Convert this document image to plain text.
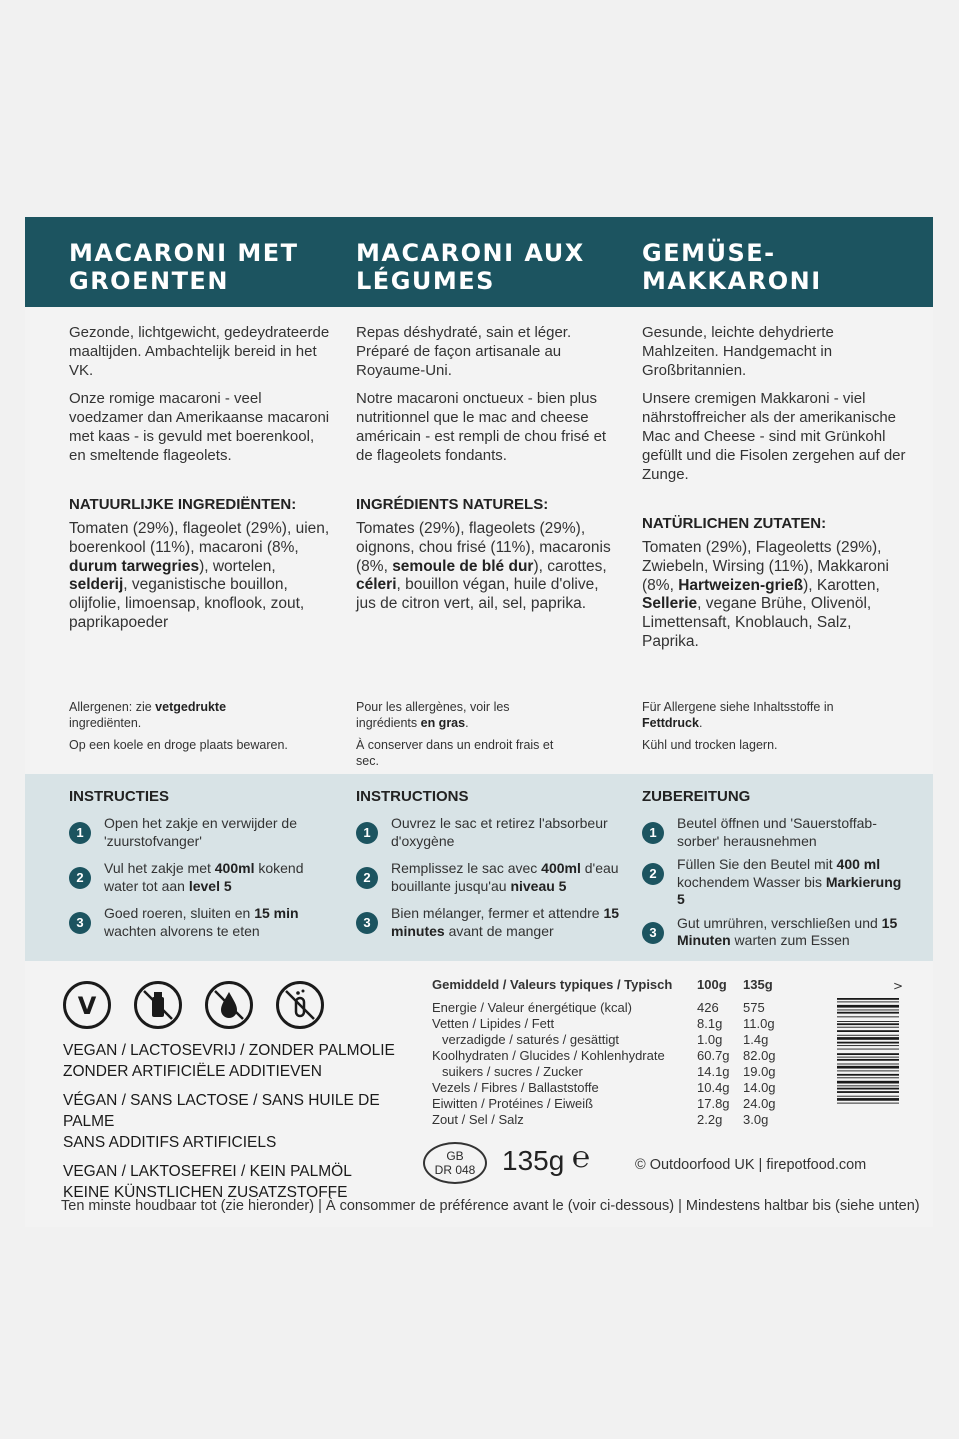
MACARONI MET GROENTEN
MACARONI AUX LÉGUMES
GEMÜSE- MAKKARONI

Gezonde, lichtgewicht, gedeydrateerde maaltijden. Ambachtelijk bereid in het VK.

Onze romige macaroni - veel voedzamer dan Amerikaanse macaroni met kaas - is gevuld met boerenkool, en smeltende flageolets.

NATUURLIJKE INGREDIËNTEN:
Tomaten (29%), flageolet (29%), uien, boerenkool (11%), macaroni (8%, durum tarwegries), wortelen, selderij, veganistische bouillon, olijfolie, limoensap, knoflook, zout, paprikapoeder

Repas déshydraté, sain et léger. Préparé de façon artisanale au Royaume-Uni.

Notre macaroni onctueux - bien plus nutritionnel que le mac and cheese américain - est rempli de chou frisé et de flageolets fondants.

INGRÉDIENTS NATURELS:
Tomates (29%), flageolets (29%), oignons, chou frisé (11%), macaronis (8%, semoule de blé dur), carottes, céleri, bouillon végan, huile d'olive, jus de citron vert, ail, sel, paprika.

Gesunde, leichte dehydrierte Mahlzeiten. Handgemacht in Großbritannien.

Unsere cremigen Makkaroni - viel nährstoffreicher als der amerikanische Mac and Cheese - sind mit Grünkohl gefüllt und die Fisolen zergehen auf der Zunge.

NATÜRLICHEN ZUTATEN:
Tomaten (29%), Flageoletts (29%), Zwiebeln, Wirsing (11%), Makkaroni (8%, Hartweizen-grieß), Karotten, Sellerie, vegane Brühe, Olivenöl, Limettensaft, Knoblauch, Salz, Paprika.

Allergenen: zie vetgedrukte ingrediënten.

Op een koele en droge plaats bewaren.

Pour les allergènes, voir les ingrédients en gras.

À conserver dans un endroit frais et sec.

Für Allergene siehe Inhaltsstoffe in Fettdruck.

Kühl und trocken lagern.

INSTRUCTIES
1
Open het zakje en verwijder de 'zuurstofvanger'
2
Vul het zakje met 400ml kokend water tot aan level 5
3
Goed roeren, sluiten en 15 min wachten alvorens te eten
INSTRUCTIONS
1
Ouvrez le sac et retirez l'absorbeur d'oxygène
2
Remplissez le sac avec 400ml d'eau bouillante jusqu'au niveau 5
3
Bien mélanger, fermer et attendre 15 minutes avant de manger
ZUBEREITUNG
1
Beutel öffnen und 'Sauerstoffab-sorber' herausnehmen
2
Füllen Sie den Beutel mit 400 ml kochendem Wasser bis Markierung 5
3
Gut umrühren, verschließen und 15 Minuten warten zum Essen
V

VEGAN / LACTOSEVRIJ / ZONDER PALMOLIE
ZONDER ARTIFICIËLE ADDITIEVEN

VÉGAN / SANS LACTOSE / SANS HUILE DE PALME
SANS ADDITIFS ARTIFICIELS

VEGAN / LAKTOSEFREI / KEIN PALMÖL
KEINE KÜNSTLICHEN ZUSATZSTOFFE

Gemiddeld / Valeurs typiques / Typisch	100g	135g
Energie / Valeur énergétique (kcal)	426	575
Vetten / Lipides / Fett	8.1g	11.0g
verzadigde / saturés / gesättigt	1.0g	1.4g
Koolhydraten / Glucides / Kohlenhydrate	60.7g	82.0g
suikers / sucres / Zucker	14.1g	19.0g
Vezels / Fibres / Ballaststoffe	10.4g	14.0g
Eiwitten / Protéines / Eiweiß	17.8g	24.0g
Zout / Sel / Salz	2.2g	3.0g
>
GB
DR 048 135g ℮	© Outdoorfood UK | firepotfood.com
Ten minste houdbaar tot (zie hieronder) | À consommer de préférence avant le (voir ci-dessous) | Mindestens haltbar bis (siehe unten)
